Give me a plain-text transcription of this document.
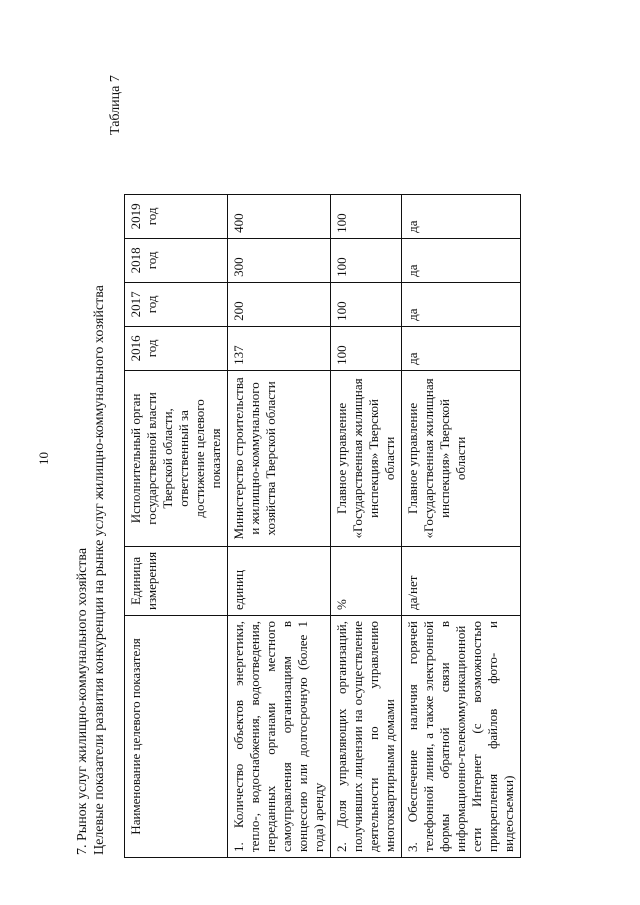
10
7. Рынок услуг жилищно-коммунального хозяйства Целевые показатели развития конкуренции на рынке услуг жилищно-коммунального хозяйства
Таблица 7
Наименование целевого показателя	Единица измерения	Исполнительный орган государственной власти Тверской области, ответственный за достижение целевого показателя	2016 год	2017 год	2018 год	2019 год
1. Количество объектов энергетики, тепло-, водоснабжения, водоотведения, переданных органами местного самоуправления организациям в концессию или долгосрочную (более 1 года) аренду	единиц	Министерство строительства и жилищно-коммунального хозяйства Тверской области	137	200	300	400
2. Доля управляющих организаций, получивших лицензии на осуществление деятельности по управлению многоквартирными домами	%	Главное управление «Государственная жилищная инспекция» Тверской области	100	100	100	100
3. Обеспечение наличия горячей телефонной линии, а также электронной формы обратной связи в информационно-телекоммуникационной сети Интернет (с возможностью прикрепления файлов фото- и видеосъемки)	да/нет	Главное управление «Государственная жилищная инспекция» Тверской области	да	да	да	да
